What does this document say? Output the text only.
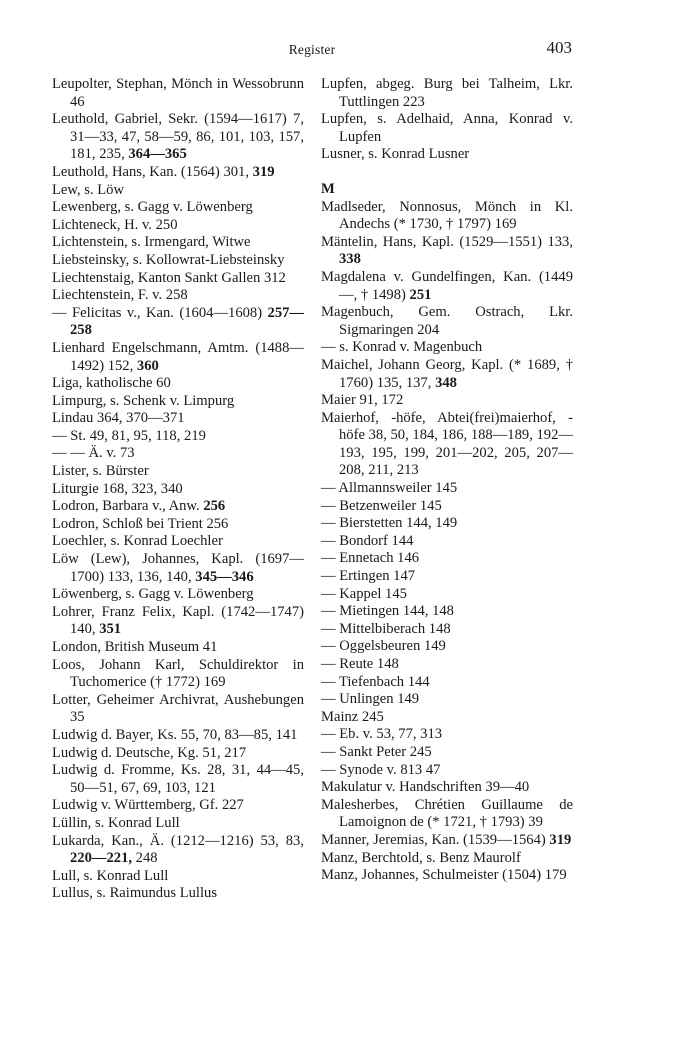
Register	403
Leupolter, Stephan, Mönch in Wessobrunn 46
Leuthold, Gabriel, Sekr. (1594—1617) 7, 31—33, 47, 58—59, 86, 101, 103, 157, 181, 235, 364—365
Leuthold, Hans, Kan. (1564) 301, 319
Lew, s. Löw
Lewenberg, s. Gagg v. Löwenberg
Lichteneck, H. v. 250
Lichtenstein, s. Irmengard, Witwe
Liebsteinsky, s. Kollowrat-Liebsteinsky
Liechtenstaig, Kanton Sankt Gallen 312
Liechtenstein, F. v. 258
— Felicitas v., Kan. (1604—1608) 257—258
Lienhard Engelschmann, Amtm. (1488—1492) 152, 360
Liga, katholische 60
Limpurg, s. Schenk v. Limpurg
Lindau 364, 370—371
— St. 49, 81, 95, 118, 219
— — Ä. v. 73
Lister, s. Bürster
Liturgie 168, 323, 340
Lodron, Barbara v., Anw. 256
Lodron, Schloß bei Trient 256
Loechler, s. Konrad Loechler
Löw (Lew), Johannes, Kapl. (1697—1700) 133, 136, 140, 345—346
Löwenberg, s. Gagg v. Löwenberg
Lohrer, Franz Felix, Kapl. (1742—1747) 140, 351
London, British Museum 41
Loos, Johann Karl, Schuldirektor in Tuchomerice († 1772) 169
Lotter, Geheimer Archivrat, Aushebungen 35
Ludwig d. Bayer, Ks. 55, 70, 83—85, 141
Ludwig d. Deutsche, Kg. 51, 217
Ludwig d. Fromme, Ks. 28, 31, 44—45, 50—51, 67, 69, 103, 121
Ludwig v. Württemberg, Gf. 227
Lüllin, s. Konrad Lull
Lukarda, Kan., Ä. (1212—1216) 53, 83, 220—221, 248
Lull, s. Konrad Lull
Lullus, s. Raimundus Lullus
Lupfen, abgeg. Burg bei Talheim, Lkr. Tuttlingen 223
Lupfen, s. Adelhaid, Anna, Konrad v. Lupfen
Lusner, s. Konrad Lusner
M
Madlseder, Nonnosus, Mönch in Kl. Andechs (* 1730, † 1797) 169
Mäntelin, Hans, Kapl. (1529—1551) 133, 338
Magdalena v. Gundelfingen, Kan. (1449—, † 1498) 251
Magenbuch, Gem. Ostrach, Lkr. Sigmaringen 204
— s. Konrad v. Magenbuch
Maichel, Johann Georg, Kapl. (* 1689, † 1760) 135, 137, 348
Maier 91, 172
Maierhof, -höfe, Abtei(frei)maierhof, -höfe 38, 50, 184, 186, 188—189, 192—193, 195, 199, 201—202, 205, 207—208, 211, 213
— Allmannsweiler 145
— Betzenweiler 145
— Bierstetten 144, 149
— Bondorf 144
— Ennetach 146
— Ertingen 147
— Kappel 145
— Mietingen 144, 148
— Mittelbiberach 148
— Oggelsbeuren 149
— Reute 148
— Tiefenbach 144
— Unlingen 149
Mainz 245
— Eb. v. 53, 77, 313
— Sankt Peter 245
— Synode v. 813 47
Makulatur v. Handschriften 39—40
Malesherbes, Chrétien Guillaume de Lamoignon de (* 1721, † 1793) 39
Manner, Jeremias, Kan. (1539—1564) 319
Manz, Berchtold, s. Benz Maurolf
Manz, Johannes, Schulmeister (1504) 179
